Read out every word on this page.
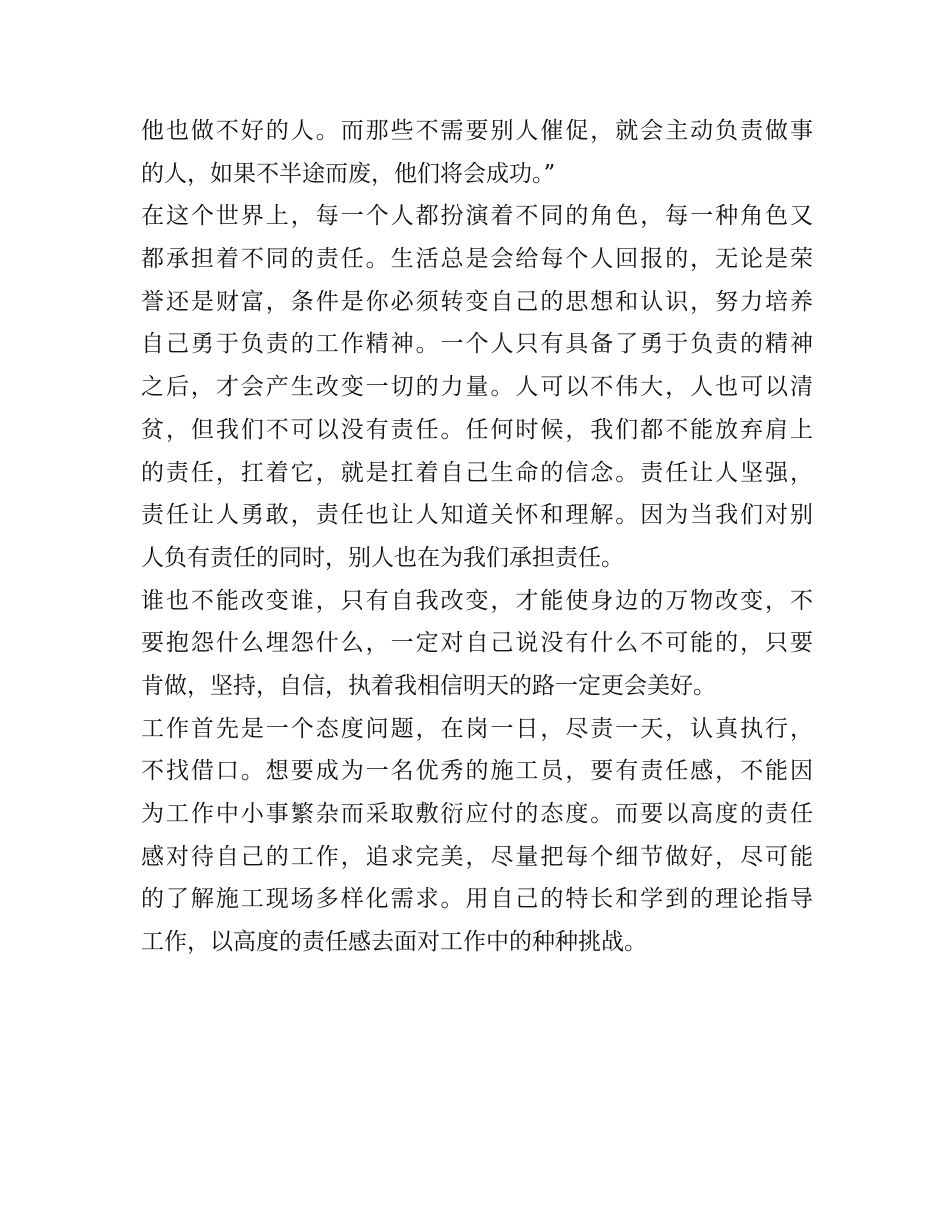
他也做不好的人。而那些不需要别人催促，就会主动负责做事
的人，如果不半途而废，他们将会成功。”
在这个世界上，每一个人都扮演着不同的角色，每一种角色又
都承担着不同的责任。生活总是会给每个人回报的，无论是荣
誉还是财富，条件是你必须转变自己的思想和认识，努力培养
自己勇于负责的工作精神。一个人只有具备了勇于负责的精神
之后，才会产生改变一切的力量。人可以不伟大，人也可以清
贫，但我们不可以没有责任。任何时候，我们都不能放弃肩上
的责任，扛着它，就是扛着自己生命的信念。责任让人坚强，
责任让人勇敢，责任也让人知道关怀和理解。因为当我们对别
人负有责任的同时，别人也在为我们承担责任。
谁也不能改变谁，只有自我改变，才能使身边的万物改变，不
要抱怨什么埋怨什么，一定对自己说没有什么不可能的，只要
肯做，坚持，自信，执着我相信明天的路一定更会美好。
工作首先是一个态度问题，在岗一日，尽责一天，认真执行，
不找借口。想要成为一名优秀的施工员，要有责任感，不能因
为工作中小事繁杂而采取敷衍应付的态度。而要以高度的责任
感对待自己的工作，追求完美，尽量把每个细节做好，尽可能
的了解施工现场多样化需求。用自己的特长和学到的理论指导
工作，以高度的责任感去面对工作中的种种挑战。
